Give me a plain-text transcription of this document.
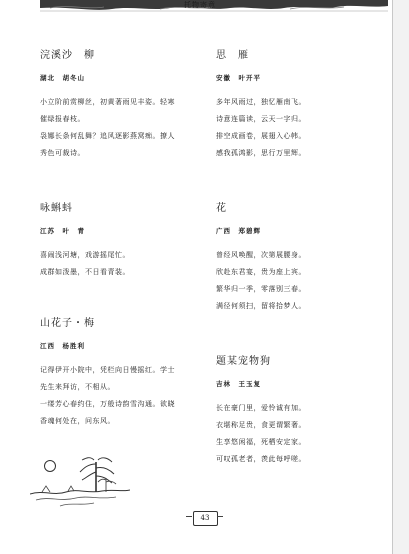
托物寄意

浣溪沙　柳

湖北　胡冬山

小立阶前赏柳丝，初黄著雨见丰姿。轻寒
催绿报春枝。
袅娜长条何乱舞？追风逐影燕窝痴。撩人
秀色可裁诗。

思　雁

安徽　叶开平

多年风雨过，独忆雁南飞。
诗意连篇读，云天一字归。
排空成画卷，展翅入心帏。
感我孤鸿影，思行万里辉。

咏蝌蚪

江苏　叶　青

喜闹浅河塘，戏游摇尾忙。
成群如泼墨，不日看青装。

花

广西　郑碧辉

曾经风唤醒，次第展腰身。
欣赴东君宴，贵为座上宾。
繁华归一季，零落别三春。
满径何须扫，留将拾梦人。

山花子・梅

江西　杨胜利

记得伊开小院中，凭栏向日慢摇红。学士
先生来拜访，不相从。
一缕芳心春约住，万般诗韵雪沟通。欲晓
香魂何处在，问东风。

题某宠物狗

吉林　王玉复

长在豪门里，爱怜诚有加。
衣堪称足贵，食更谓繁奢。
生享悠闲福，死栖安定家。
可叹孤老者，羡此每呼嗟。
43
